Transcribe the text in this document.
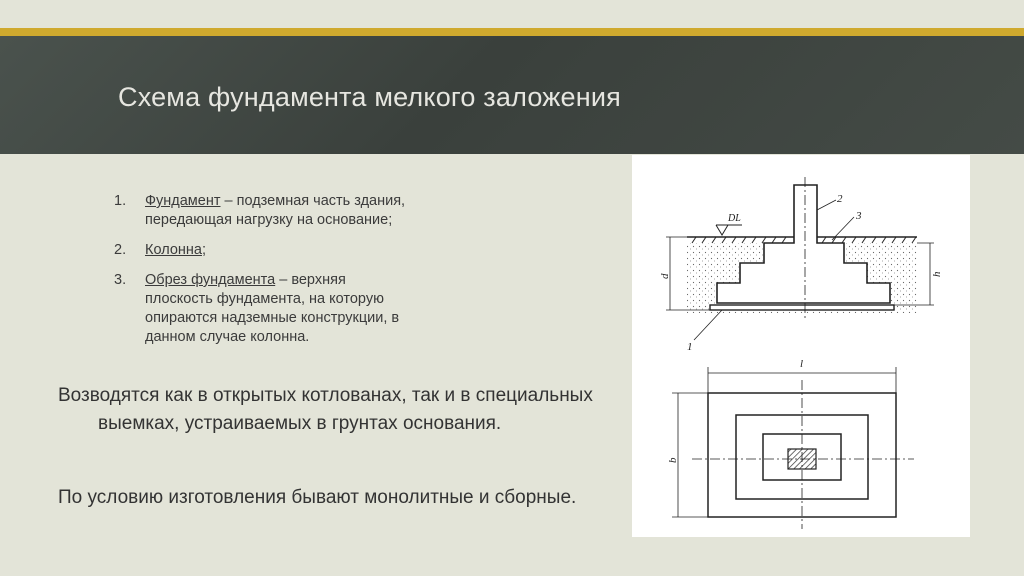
Схема фундамента мелкого заложения
1. Фундамент – подземная часть здания, передающая нагрузку на основание;
2. Колонна;
3. Обрез фундамента – верхняя плоскость фундамента, на которую опираются надземные конструкции, в данном случае колонна.

Возводятся как в открытых котлованах, так и в специальных выемках, устраиваемых в грунтах основания.

По условию изготовления бывают монолитные и сборные.

DL
2
3
1
d	h
l
b
